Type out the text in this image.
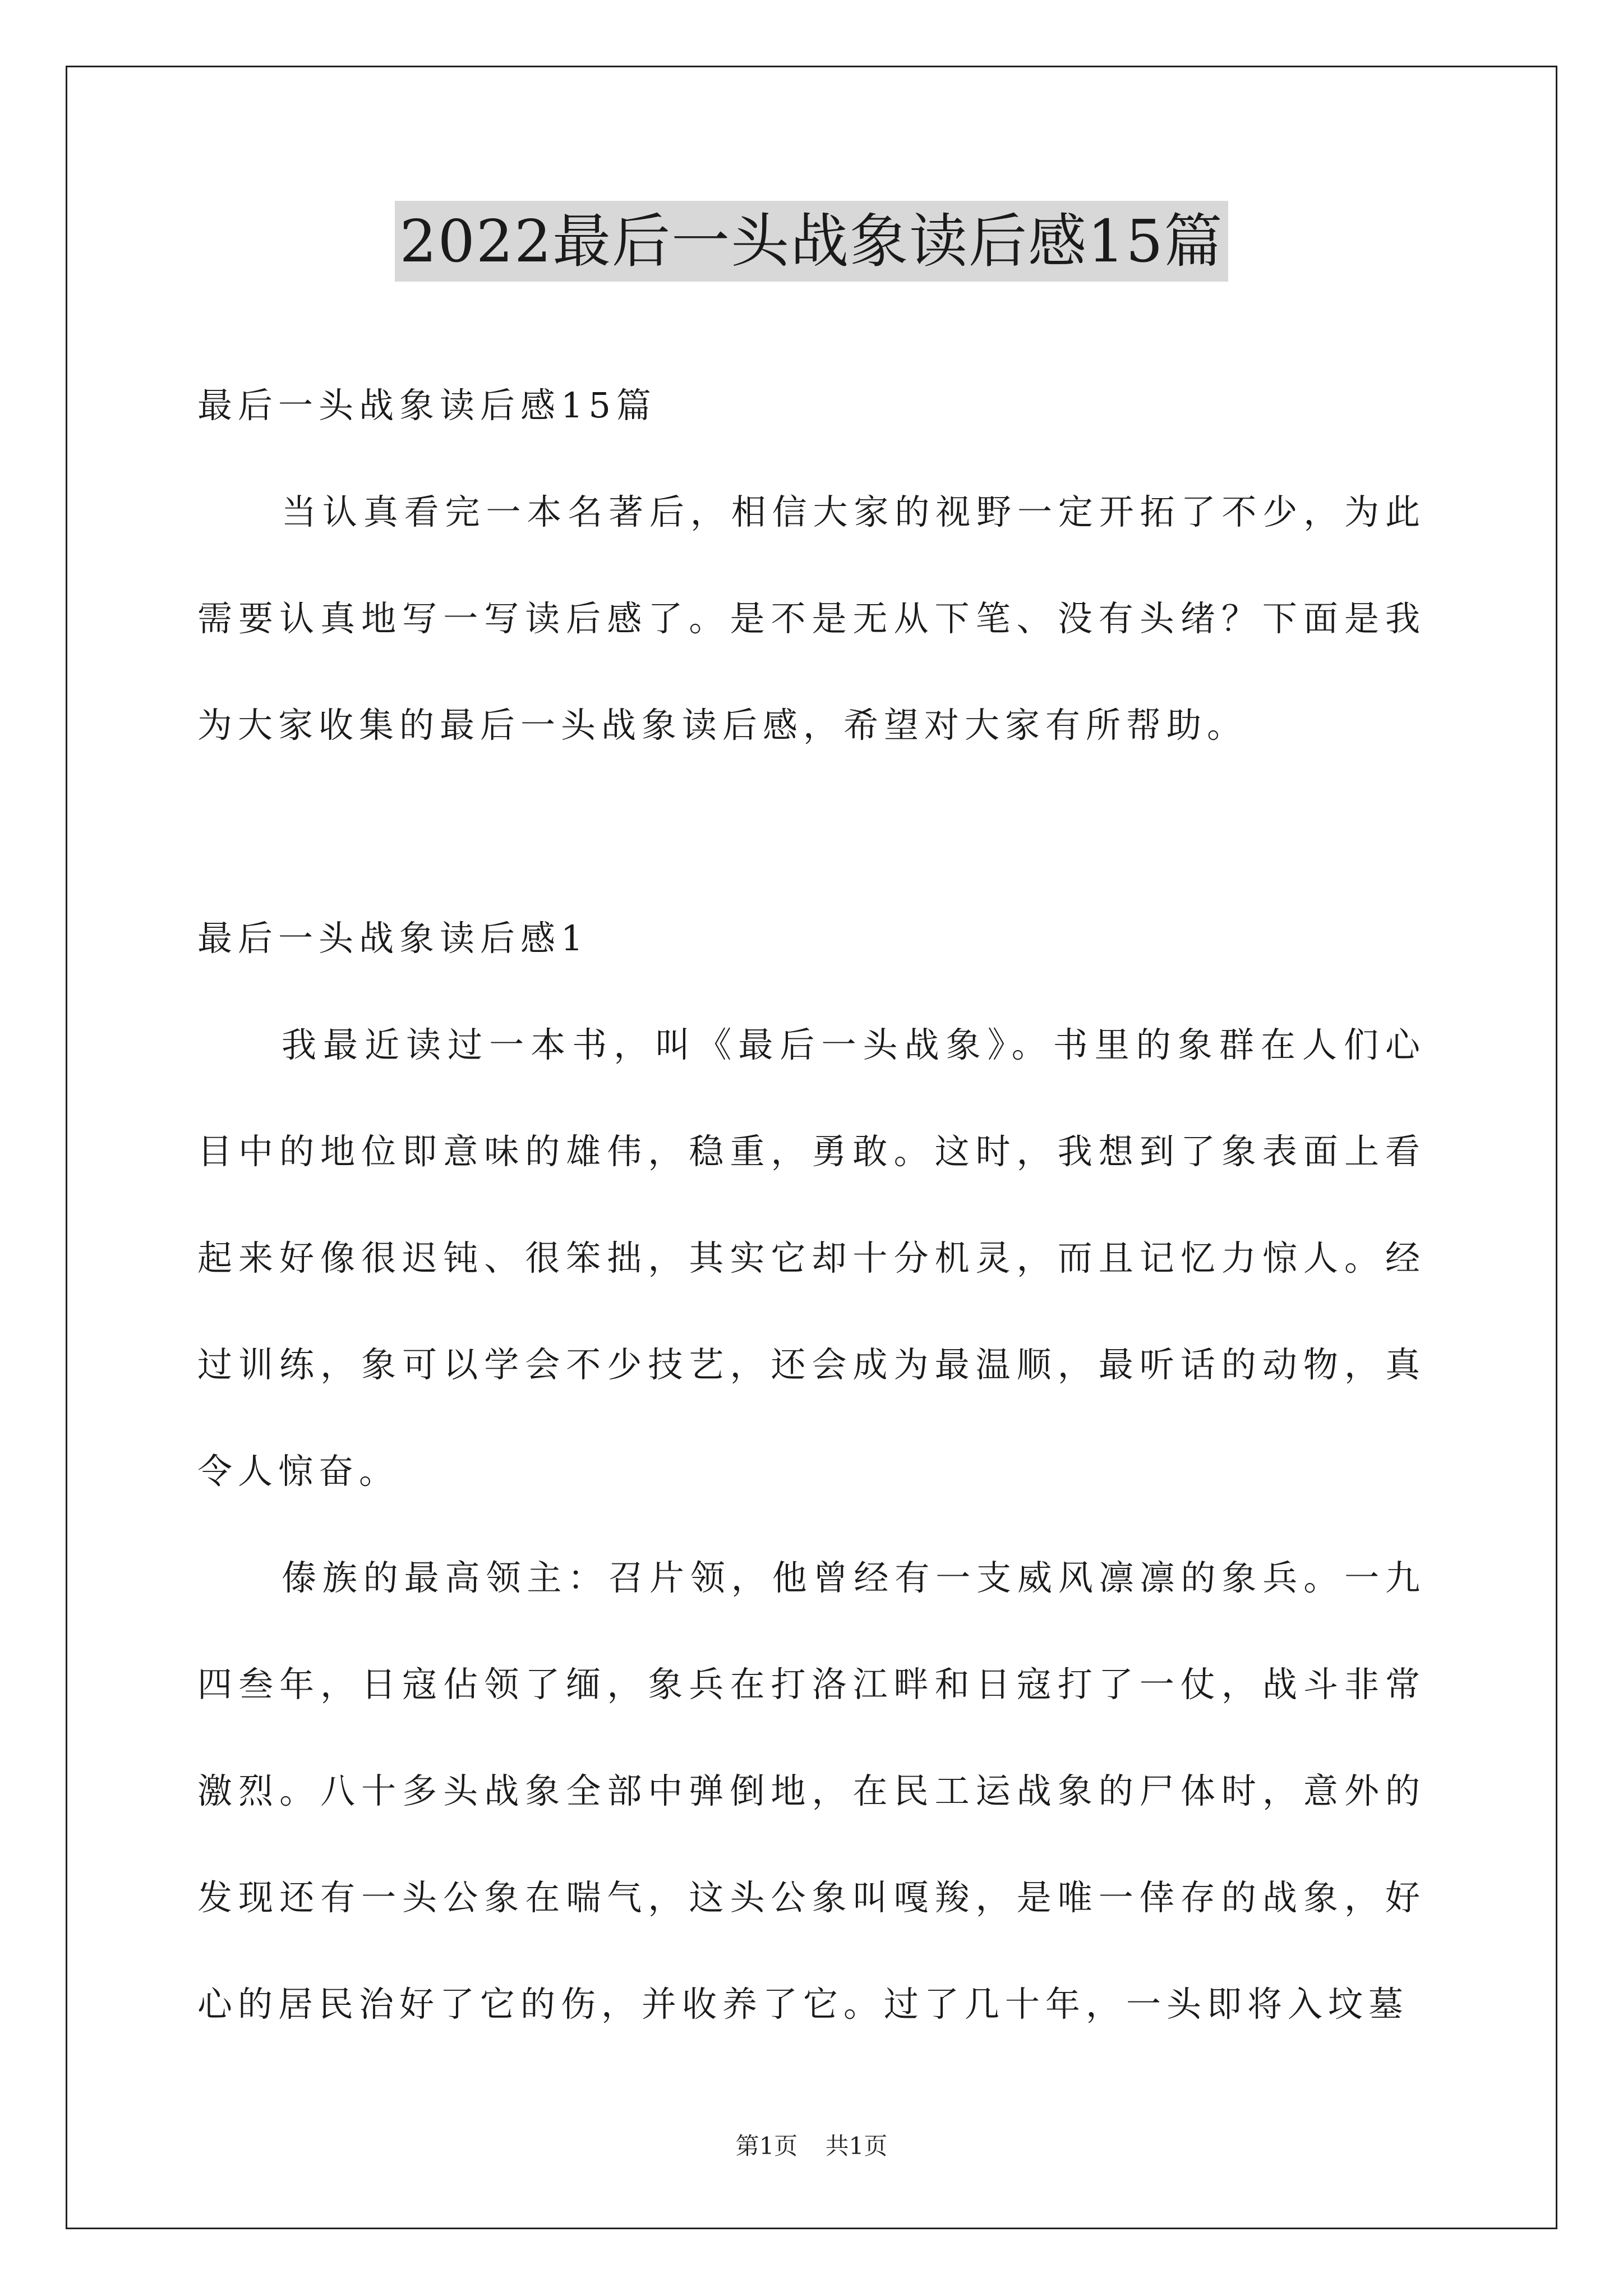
2022最后一头战象读后感15篇

最后一头战象读后感15篇

当认真看完一本名著后，相信大家的视野一定开拓了不少，为此需要认真地写一写读后感了。是不是无从下笔、没有头绪？下面是我为大家收集的最后一头战象读后感，希望对大家有所帮助。

最后一头战象读后感1

我最近读过一本书，叫《最后一头战象》。书里的象群在人们心目中的地位即意味的雄伟，稳重，勇敢。这时，我想到了象表面上看起来好像很迟钝、很笨拙，其实它却十分机灵，而且记忆力惊人。经过训练，象可以学会不少技艺，还会成为最温顺，最听话的动物，真令人惊奋。

傣族的最高领主：召片领，他曾经有一支威风凛凛的象兵。一九四叁年，日寇佔领了缅，象兵在打洛江畔和日寇打了一仗，战斗非常激烈。八十多头战象全部中弹倒地，在民工运战象的尸体时，意外的发现还有一头公象在喘气，这头公象叫嘎羧，是唯一倖存的战象，好心的居民治好了它的伤，并收养了它。过了几十年，一头即将入坟墓

第1页 共1页
